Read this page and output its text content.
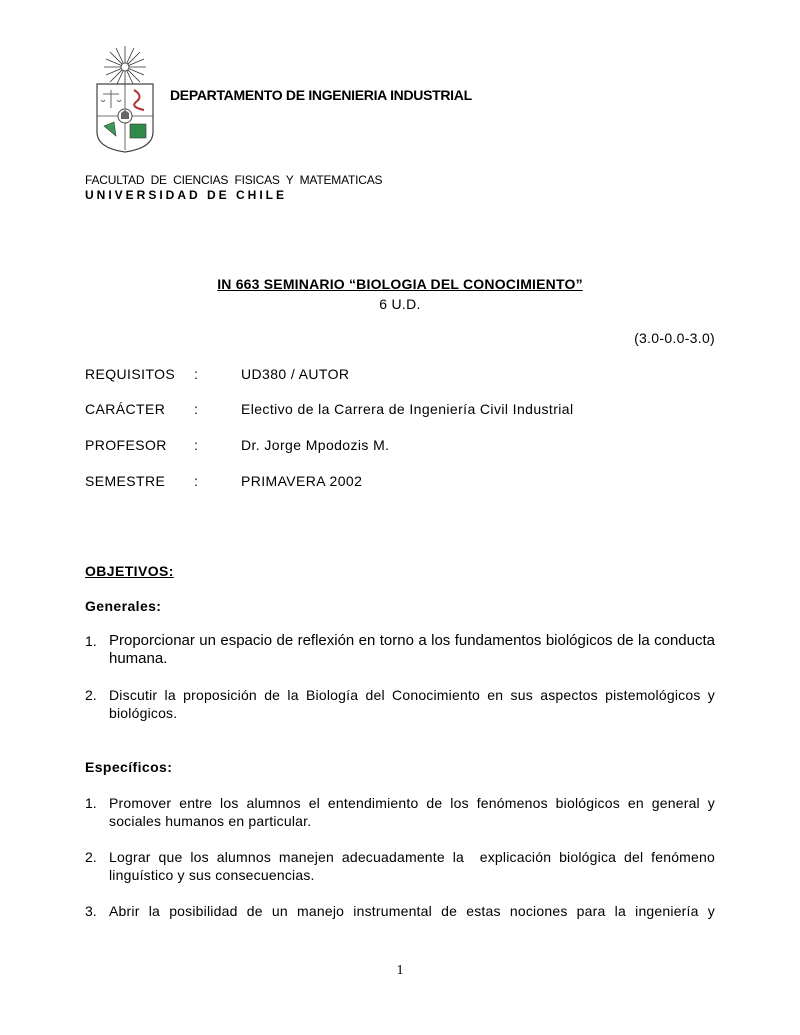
DEPARTAMENTO DE INGENIERIA INDUSTRIAL
FACULTAD  DE  CIENCIAS  FISICAS  Y  MATEMATICAS
UNIVERSIDAD DE CHILE
IN 663 SEMINARIO “BIOLOGIA DEL CONOCIMIENTO”
6 U.D.
(3.0-0.0-3.0)
REQUISITOS :	UD380 / AUTOR
CARÁCTER :	Electivo de la Carrera de Ingeniería Civil Industrial
PROFESOR :	Dr. Jorge Mpodozis M.
SEMESTRE :	PRIMAVERA 2002
OBJETIVOS:
Generales:
1. Proporcionar un espacio de reflexión en torno a los fundamentos biológicos de la conducta humana.
2. Discutir la proposición de la Biología del Conocimiento en sus aspectos pistemológicos y biológicos.
Específicos:
1. Promover entre los alumnos el entendimiento de los fenómenos biológicos en general y sociales humanos en particular.
2. Lograr que los alumnos manejen adecuadamente la  explicación biológica del fenómeno linguístico y sus consecuencias.
3. Abrir la posibilidad de un manejo instrumental de estas nociones para la ingeniería y
1
